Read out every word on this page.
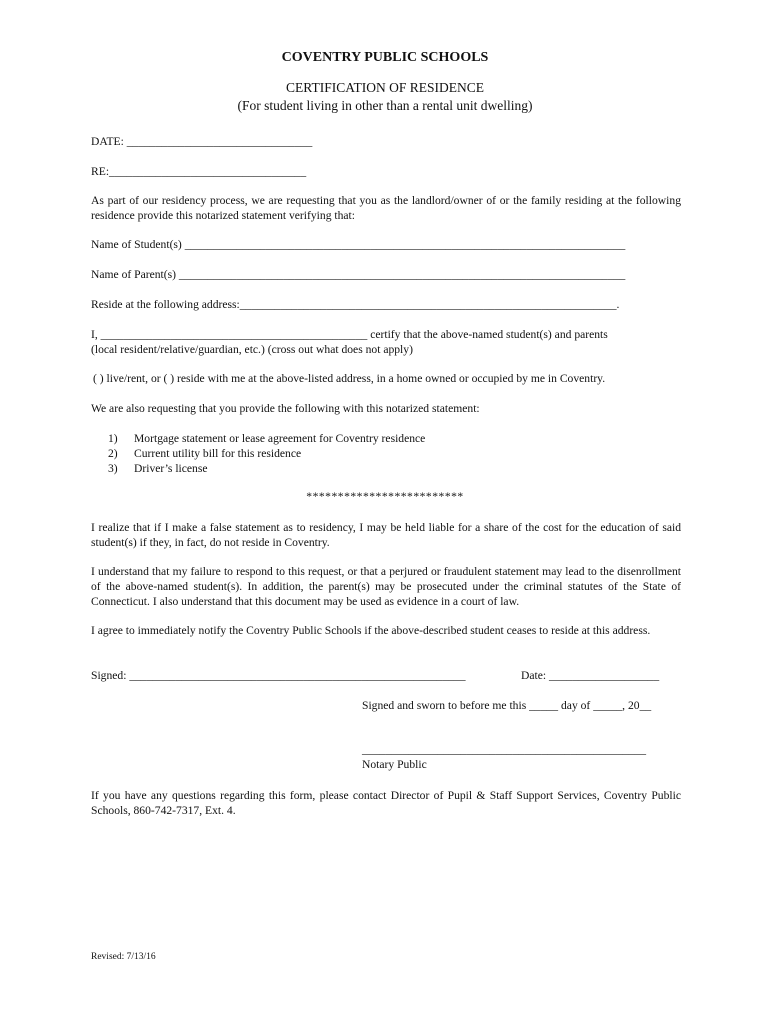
COVENTRY PUBLIC SCHOOLS
CERTIFICATION OF RESIDENCE
(For student living in other than a rental unit dwelling)
DATE: ________________________________
RE:__________________________________

As part of our residency process, we are requesting that you as the landlord/owner of or the family residing at the following residence provide this notarized statement verifying that:

Name of Student(s) ____________________________________________________________________________
Name of Parent(s) _____________________________________________________________________________
Reside at the following address:_________________________________________________________________.
I, ______________________________________________ certify that the above-named student(s) and parents
(local resident/relative/guardian, etc.) (cross out what does not apply)
( ) live/rent, or ( ) reside with me at the above-listed address, in a home owned or occupied by me in Coventry.
We are also requesting that you provide the following with this notarized statement:
1) Mortgage statement or lease agreement for Coventry residence
2) Current utility bill for this residence
3) Driver’s license
*************************

I realize that if I make a false statement as to residency, I may be held liable for a share of the cost for the education of said student(s) if they, in fact, do not reside in Coventry.

I understand that my failure to respond to this request, or that a perjured or fraudulent statement may lead to the disenrollment of the above-named student(s). In addition, the parent(s) may be prosecuted under the criminal statutes of the State of Connecticut. I also understand that this document may be used as evidence in a court of law.

I agree to immediately notify the Coventry Public Schools if the above-described student ceases to reside at this address.

Signed: __________________________________________________________	Date: ___________________
Signed and sworn to before me this _____ day of _____, 20__
_________________________________________________
Notary Public

If you have any questions regarding this form, please contact Director of Pupil & Staff Support Services, Coventry Public Schools, 860-742-7317, Ext. 4.

Revised: 7/13/16
